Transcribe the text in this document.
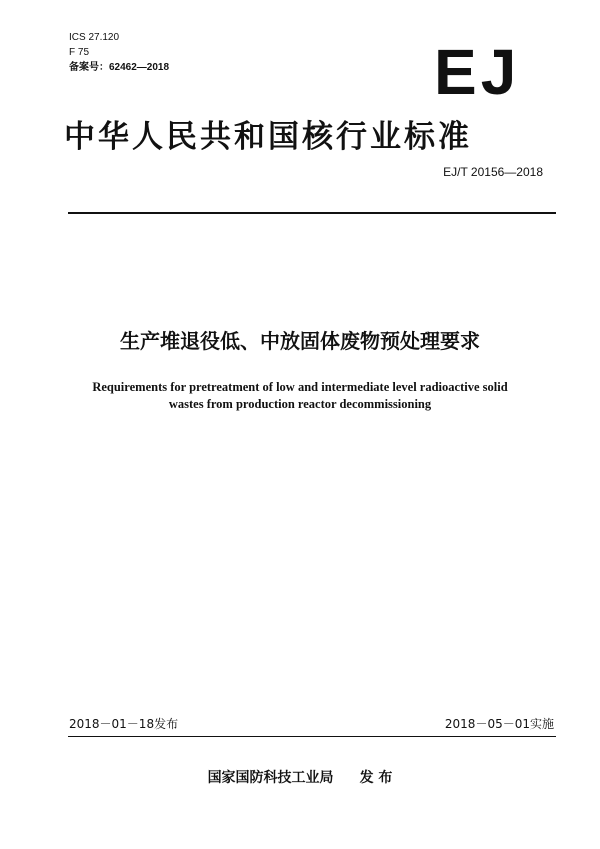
ICS 27.120
F 75
备案号：62462—2018	EJ
中华人民共和国核行业标准
EJ/T 20156—2018
生产堆退役低、中放固体废物预处理要求
Requirements for pretreatment of low and intermediate level radioactive solid
wastes from production reactor decommissioning
2018－01－18发布	2018－05－01实施
国家国防科技工业局 发 布
